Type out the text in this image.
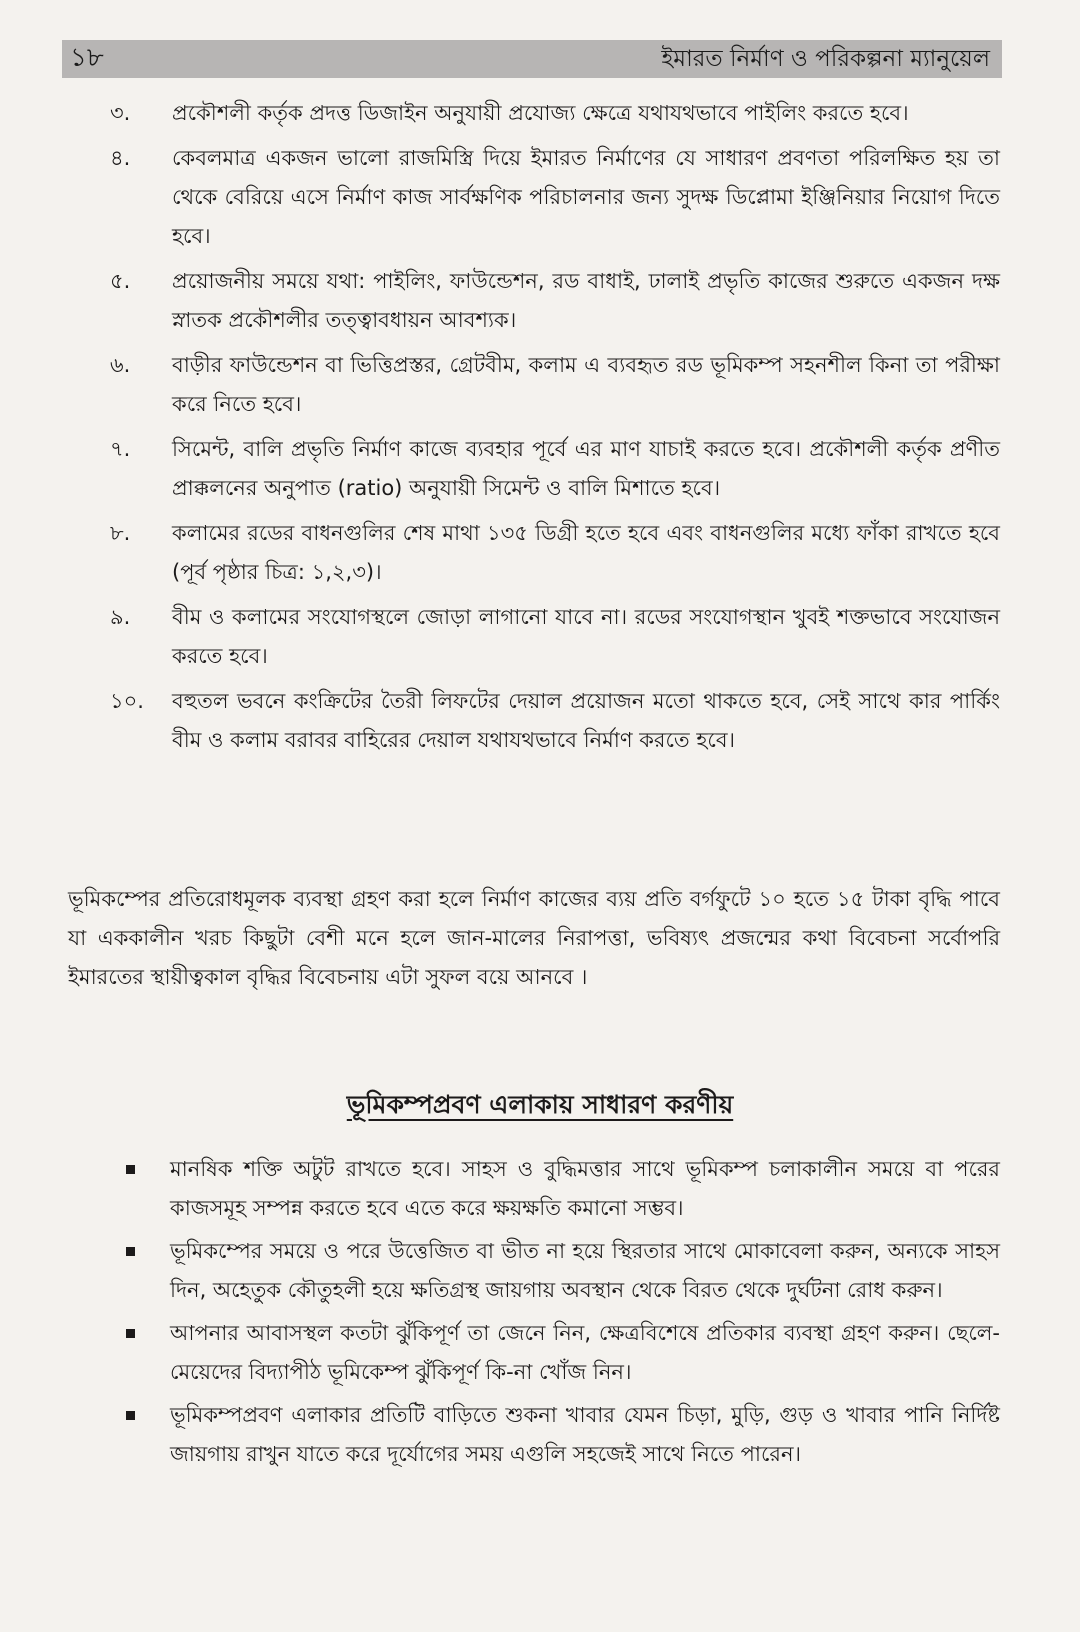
১৮	ইমারত নির্মাণ ও পরিকল্পনা ম্যানুয়েল
৩.	প্রকৌশলী কর্তৃক প্রদত্ত ডিজাইন অনুযায়ী প্রযোজ্য ক্ষেত্রে যথাযথভাবে পাইলিং করতে হবে।
৪.	কেবলমাত্র একজন ভালো রাজমিস্ত্রি দিয়ে ইমারত নির্মাণের যে সাধারণ প্রবণতা পরিলক্ষিত হয় তা থেকে বেরিয়ে এসে নির্মাণ কাজ সার্বক্ষণিক পরিচালনার জন্য সুদক্ষ ডিপ্লোমা ইঞ্জিনিয়ার নিয়োগ দিতে হবে।
৫.	প্রয়োজনীয় সময়ে যথা: পাইলিং, ফাউন্ডেশন, রড বাধাই, ঢালাই প্রভৃতি কাজের শুরুতে একজন দক্ষ স্নাতক প্রকৌশলীর তত্ত্বাবধায়ন আবশ্যক।
৬.	বাড়ীর ফাউন্ডেশন বা ভিত্তিপ্রস্তর, গ্রেটবীম, কলাম এ ব্যবহৃত রড ভূমিকম্প সহনশীল কিনা তা পরীক্ষা করে নিতে হবে।
৭.	সিমেন্ট, বালি প্রভৃতি নির্মাণ কাজে ব্যবহার পূর্বে এর মাণ যাচাই করতে হবে। প্রকৌশলী কর্তৃক প্রণীত প্রাক্কলনের অনুপাত (ratio) অনুযায়ী সিমেন্ট ও বালি মিশাতে হবে।
৮.	কলামের রডের বাধনগুলির শেষ মাথা ১৩৫ ডিগ্রী হতে হবে এবং বাধনগুলির মধ্যে ফাঁকা রাখতে হবে (পূর্ব পৃষ্ঠার চিত্র: ১,২,৩)।
৯.	বীম ও কলামের সংযোগস্থলে জোড়া লাগানো যাবে না। রডের সংযোগস্থান খুবই শক্তভাবে সংযোজন করতে হবে।
১০.	বহুতল ভবনে কংক্রিটের তৈরী লিফটের দেয়াল প্রয়োজন মতো থাকতে হবে, সেই সাথে কার পার্কিং বীম ও কলাম বরাবর বাহিরের দেয়াল যথাযথভাবে নির্মাণ করতে হবে।

ভূমিকম্পের প্রতিরোধমূলক ব্যবস্থা গ্রহণ করা হলে নির্মাণ কাজের ব্যয় প্রতি বর্গফুটে ১০ হতে ১৫ টাকা বৃদ্ধি পাবে যা এককালীন খরচ কিছুটা বেশী মনে হলে জান-মালের নিরাপত্তা, ভবিষ্যৎ প্রজন্মের কথা বিবেচনা সর্বোপরি ইমারতের স্থায়ীত্বকাল বৃদ্ধির বিবেচনায় এটা সুফল বয়ে আনবে ।

ভূমিকম্পপ্রবণ এলাকায় সাধারণ করণীয়
মানষিক শক্তি অটুট রাখতে হবে। সাহস ও বুদ্ধিমত্তার সাথে ভূমিকম্প চলাকালীন সময়ে বা পরের কাজসমূহ সম্পন্ন করতে হবে এতে করে ক্ষয়ক্ষতি কমানো সম্ভব।
ভূমিকম্পের সময়ে ও পরে উত্তেজিত বা ভীত না হয়ে স্থিরতার সাথে মোকাবেলা করুন, অন্যকে সাহস দিন, অহেতুক কৌতুহলী হয়ে ক্ষতিগ্রস্থ জায়গায় অবস্থান থেকে বিরত থেকে দুর্ঘটনা রোধ করুন।
আপনার আবাসস্থল কতটা ঝুঁকিপূর্ণ তা জেনে নিন, ক্ষেত্রবিশেষে প্রতিকার ব্যবস্থা গ্রহণ করুন। ছেলে-মেয়েদের বিদ্যাপীঠ ভূমিকেম্প ঝুঁকিপূর্ণ কি-না খোঁজ নিন।
ভূমিকম্পপ্রবণ এলাকার প্রতিটি বাড়িতে শুকনা খাবার যেমন চিড়া, মুড়ি, গুড় ও খাবার পানি নির্দিষ্ট জায়গায় রাখুন যাতে করে দূর্যোগের সময় এগুলি সহজেই সাথে নিতে পারেন।
